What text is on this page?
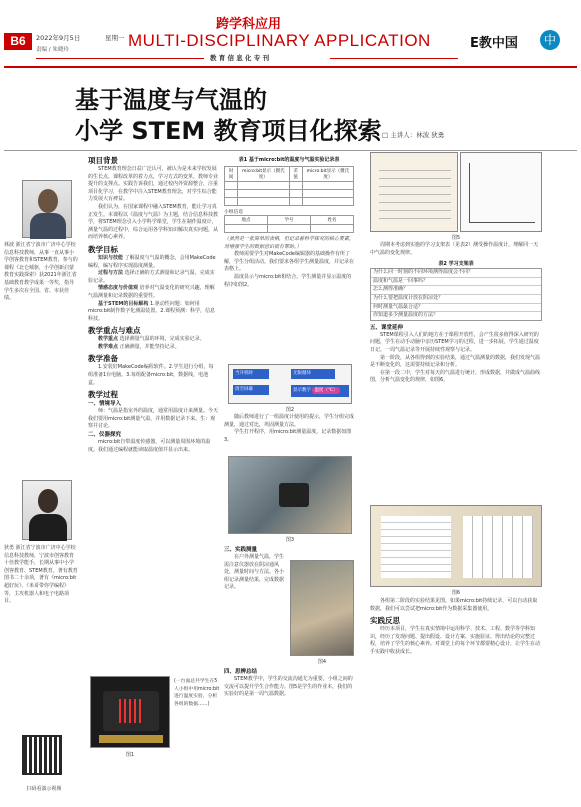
B6	2022年9月5日	星期一
责编 / 朱晓玲
跨学科应用
MULTI-DISCIPLINARY APPLICATION
教 育 信 息 化 专 刊
E教中国	中
基于温度与气温的
小学 STEM 教育项目化探索 □ 主讲人：林波 狄勇
林波 浙江省宁波市广济中心学校信息科技教师，从事一直从事小学创客教育和STEM教育，参与的课程《北仑城驱，小学创新启蒙教育实践探索》获2021年浙江省基础教育教学成果一等奖，指导学生多次在全国、省、市获佳绩。
狄勇 浙江省宁波市广济中心学校信息科技教师，宁波市创客教育十佳教学能手，长期从事中小学创客教育、STEM教育，著有教育图书二十余项，著有《micro:bit超好玩》、《米哥带你学编程》等，主攻机器人和电子电路项目。
扫码看演示视频
项目背景

STEM教育理念日益广泛认可，被认为是未来学校发展的生长点，课程改革的着力点，学习方式的变革，教师专业提升的支撑点。实践告诉我们，通过校内外资源整合，注重项目化学习，在教学中注入STEM教育理念，对学生综合能力发展大有裨益。

我们认为，在国家课程中融入STEM教育，能让学习真正发生。本课程以《温度与气温》为主题，结合信息科技教学，将STEM理念引入小学科学课堂，学生在制作温度计，测量气温的过程中，综合运用各学科知识解决真实问题，从而培养核心素养。

教学目标

知识与技能 了解温度与气温的概念，会用MakeCode编程，编写程序实现温度测量。

过程与方法 选择正确的方式测量和记录气温，完成实验记录。

情感态度与价值观 培养对气温变化的研究兴趣，理解气温测量和记录数据的重要性。

基于STEM的目标解构 1.驱动性问题：如何用micro:bit制作数字化测温装置。2.课程预测：科学，信息科技。

教学重点与难点

教学重点 选择测量气温的环境，完成实验记录。

教学难点 正确测量，并能坚持记录。

教学准备

1.安装好MakeCode编程软件。2.学生进行分组，每组准备1台电脑。3.每组配备micro:bit，数据线，电池盒。

教学过程
一、情境导入

师：气温是指室外的温度，通常用温度计来测量。今天我们要用micro:bit测量气温，并用数据记录下来。生：观察并讨论。

二、仪器探究

micro:bit自带温度传感器，可以测量周围环境的温度。我们通过编程就能读取温度值并显示出来。

(一台面总共学生在5人小组中用micro:bit进行温度实验，分析各组的数据……)
图1
表1 基于micro:bit的温度与气温实验记录表
时间	micro:bit显示（摄氏度）	差值	micro:bit显示（摄氏度）

小组信息
地点	学号	姓名

（虽然是一张简单的表格，但记录着科学探究的核心要素，对增强学生的数据意识很有帮助。）

教师需要学生对MakeCode编辑器的基础操作有所了解，学生分组活动。我们要求各组学生测量温度，并记录在表格上。

温度显示与micro:bit相结合，学生测量并显示温度的程序如图2。

当开机时	无限循环
清空屏幕	显示数字 温度（℃）
图2

随后教师进行了一组温度计使用的提示，学生分组完成测量，通过对比，巩固测量方法。

学生打开程序，用micro:bit测量温度，记录数据如图3。

图3
三、实践测量

在户外测量气温，学生需注意仪器放在阴凉通风处，测量时间与方法。各小组记录测量结果，完成数据记录。

图4
四、思辨总结

STEM教学中，学生的交流沟通尤为重要，小组之间的交流可以提升学生合作能力。图5是学生的作业本，我们的实验好的是第一周气温数据。

图5

周期本考虑到实施的学习支架表（见表2）测受操作温度计，理解同一天中气温的变化规律。

表2 学习支架表
为什么同一时刻的不同环境测得温度会不同？
温度和气温是一回事吗？
怎么测得准确？
为什么要把温度计放在阴凉处？
何时测量气温最合适？
你知道多少测量温度的方法？
五、课堂延伸

STEM课程引入人们的地方在于课程开放性，会产生很多值得深入研究的问题，学生在动手动脑中亲历STEM学习的过程，进一步拓展。学生通过温度日记、一周气温记录等开展持续性观察与记录。

第一阶段，从各组得到的实验结果，通过气温测量的数据，我们发现气温是不断变化的，这需要持续记录和分析。

在第一段二中，学生对每天的气温进行统计，形成数据，并做成气温曲线图，分析气温变化的规律，如图6。

图6

各组第二阶段的实验结果见图。如果micro:bit持续记录，可以自动获取数据，我们可以尝试把micro:bit作为数据采集器使用。

实践反思

经历本项目，学生在真实情境中运用科学、技术、工程、数学等学科知识，经历了发现问题、提出假设、设计方案、实施验证、得出结论的完整过程，培养了学生的核心素养。对课堂上的每个环节都要精心设计，让学生在动手实践中收获成长。
